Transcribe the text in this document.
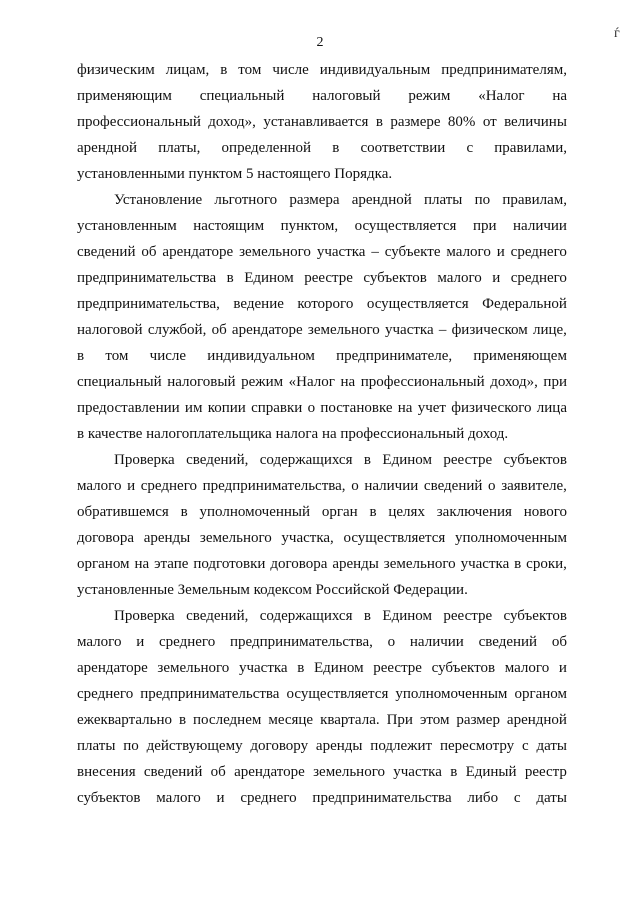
2
ѓ
физическим лицам, в том числе индивидуальным предпринимателям,
применяющим специальный налоговый режим «Налог на
профессиональный доход», устанавливается в размере 80% от величины
арендной платы, определенной в соответствии с правилами,
установленными пунктом 5 настоящего Порядка.
Установление льготного размера арендной платы по правилам,
установленным настоящим пунктом, осуществляется при наличии
сведений об арендаторе земельного участка – субъекте малого и среднего
предпринимательства в Едином реестре субъектов малого и среднего
предпринимательства, ведение которого осуществляется Федеральной
налоговой службой, об арендаторе земельного участка – физическом лице,
в том числе индивидуальном предпринимателе, применяющем
специальный налоговый режим «Налог на профессиональный доход», при
предоставлении им копии справки о постановке на учет физического лица
в качестве налогоплательщика налога на профессиональный доход.
Проверка сведений, содержащихся в Едином реестре субъектов
малого и среднего предпринимательства, о наличии сведений о заявителе,
обратившемся в уполномоченный орган в целях заключения нового
договора аренды земельного участка, осуществляется уполномоченным
органом на этапе подготовки договора аренды земельного участка в сроки,
установленные Земельным кодексом Российской Федерации.
Проверка сведений, содержащихся в Едином реестре субъектов
малого и среднего предпринимательства, о наличии сведений об
арендаторе земельного участка в Едином реестре субъектов малого и
среднего предпринимательства осуществляется уполномоченным органом
ежеквартально в последнем месяце квартала. При этом размер арендной
платы по действующему договору аренды подлежит пересмотру с даты
внесения сведений об арендаторе земельного участка в Единый реестр
субъектов малого и среднего предпринимательства либо с даты
